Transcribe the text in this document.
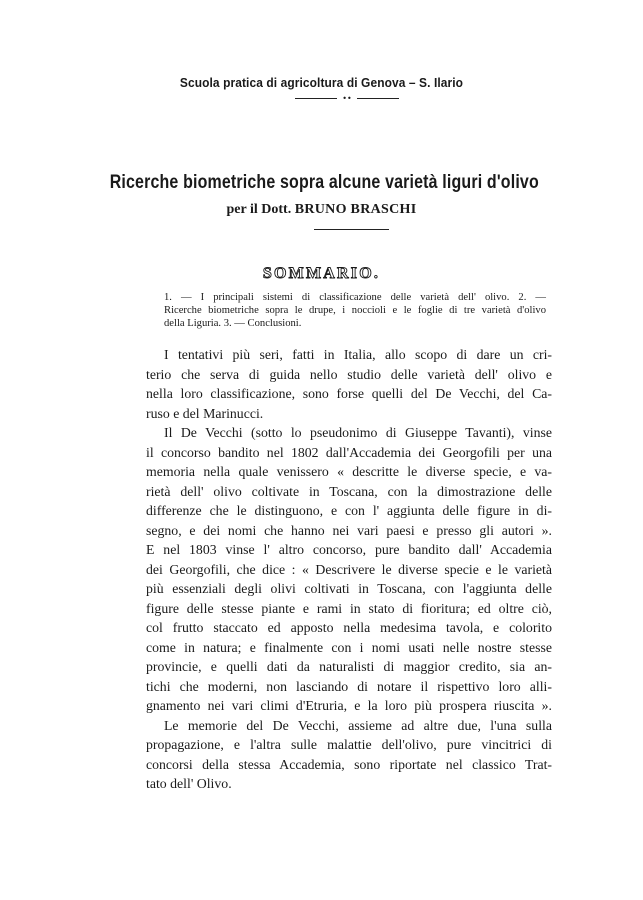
Scuola pratica di agricoltura di Genova – S. Ilario
••
Ricerche biometriche sopra alcune varietà liguri d'olivo
per il Dott. BRUNO BRASCHI
SOMMARIO.
1. — I principali sistemi di classificazione delle varietà dell' olivo. 2. —
Ricerche biometriche sopra le drupe, i noccioli e le foglie di tre varietà d'olivo
della Liguria. 3. — Conclusioni.
I tentativi più seri, fatti in Italia, allo scopo di dare un cri-
terio che serva di guida nello studio delle varietà dell' olivo e
nella loro classificazione, sono forse quelli del De Vecchi, del Ca-
ruso e del Marinucci.
Il De Vecchi (sotto lo pseudonimo di Giuseppe Tavanti), vinse
il concorso bandito nel 1802 dall'Accademia dei Georgofili per una
memoria nella quale venissero « descritte le diverse specie, e va-
rietà dell' olivo coltivate in Toscana, con la dimostrazione delle
differenze che le distinguono, e con l' aggiunta delle figure in di-
segno, e dei nomi che hanno nei vari paesi e presso gli autori ».
E nel 1803 vinse l' altro concorso, pure bandito dall' Accademia
dei Georgofili, che dice : « Descrivere le diverse specie e le varietà
più essenziali degli olivi coltivati in Toscana, con l'aggiunta delle
figure delle stesse piante e rami in stato di fioritura; ed oltre ciò,
col frutto staccato ed apposto nella medesima tavola, e colorito
come in natura; e finalmente con i nomi usati nelle nostre stesse
provincie, e quelli dati da naturalisti di maggior credito, sia an-
tichi che moderni, non lasciando di notare il rispettivo loro alli-
gnamento nei vari climi d'Etruria, e la loro più prospera riuscita ».
Le memorie del De Vecchi, assieme ad altre due, l'una sulla
propagazione, e l'altra sulle malattie dell'olivo, pure vincitrici di
concorsi della stessa Accademia, sono riportate nel classico Trat-
tato dell' Olivo.
